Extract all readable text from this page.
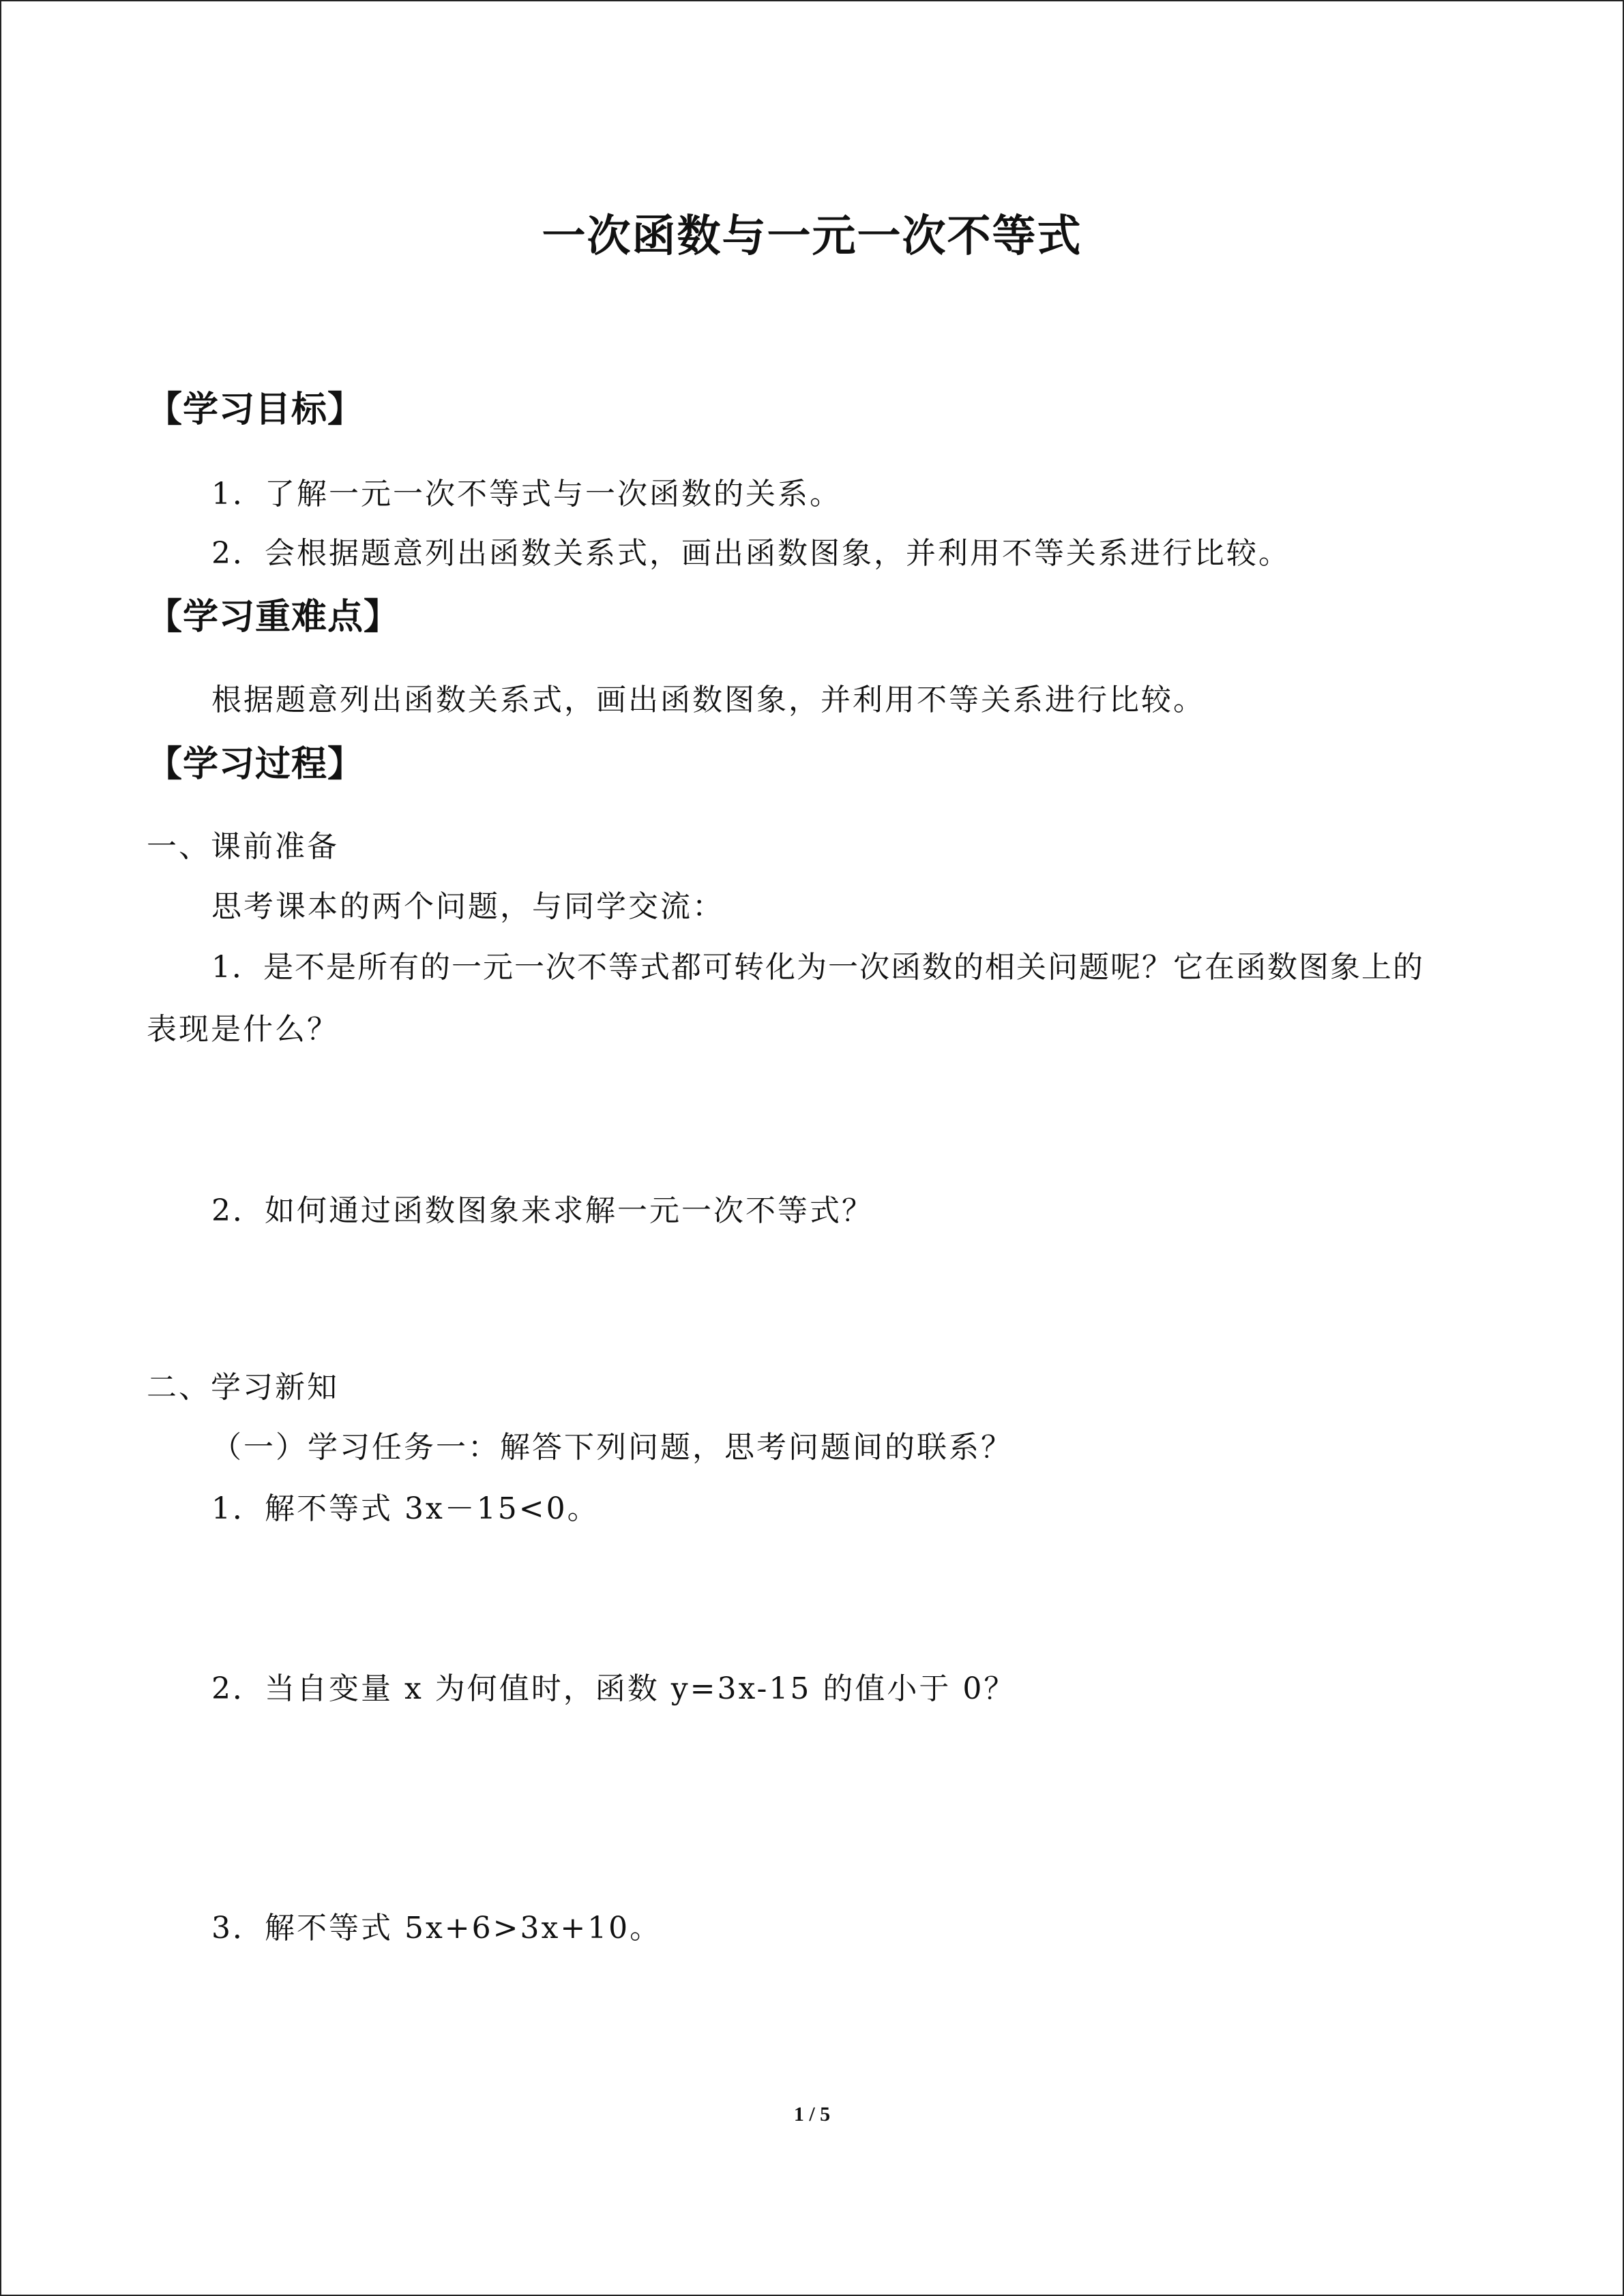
一次函数与一元一次不等式
【学习目标】
1．了解一元一次不等式与一次函数的关系。
2．会根据题意列出函数关系式，画出函数图象，并利用不等关系进行比较。
【学习重难点】
根据题意列出函数关系式，画出函数图象，并利用不等关系进行比较。
【学习过程】
一、课前准备
思考课本的两个问题，与同学交流：
1．是不是所有的一元一次不等式都可转化为一次函数的相关问题呢？它在函数图象上的
表现是什么？
2．如何通过函数图象来求解一元一次不等式？
二、学习新知
（一）学习任务一：解答下列问题，思考问题间的联系？
1．解不等式 3x－15<0。
2．当自变量 x 为何值时，函数 y=3x-15 的值小于 0？
3．解不等式 5x+6>3x+10。
1 / 5
